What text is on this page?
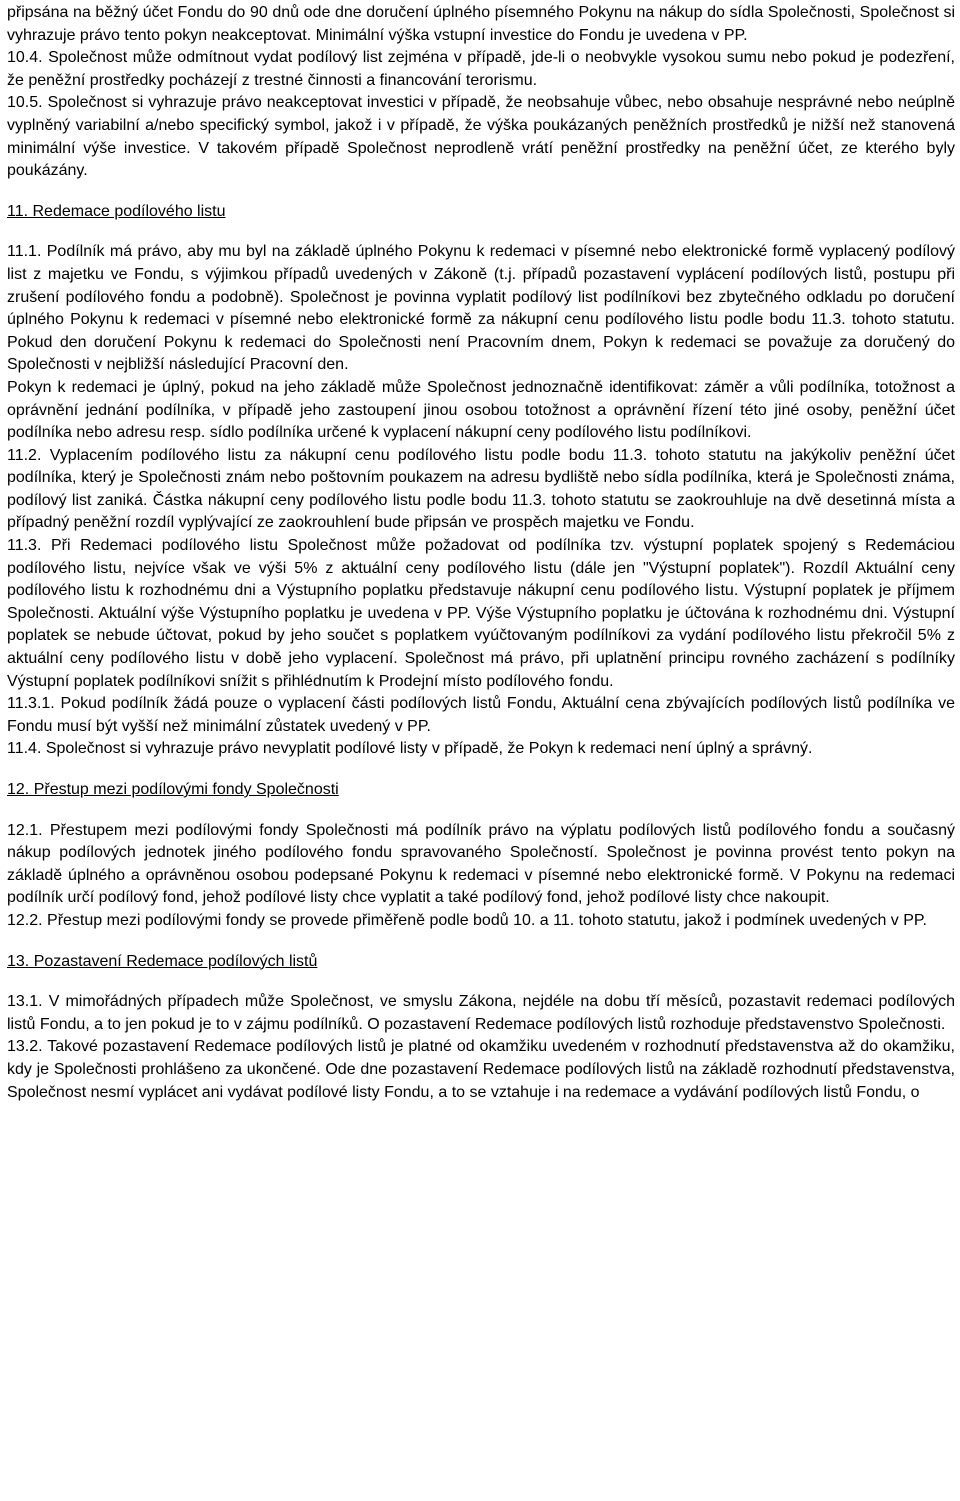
připsána na běžný účet Fondu do 90 dnů ode dne doručení úplného písemného Pokynu na nákup do sídla Společnosti, Společnost si vyhrazuje právo tento pokyn neakceptovat. Minimální výška vstupní investice do Fondu je uvedena v PP.

10.4. Společnost může odmítnout vydat podílový list zejména v případě, jde-li o neobvykle vysokou sumu nebo pokud je podezření, že peněžní prostředky pocházejí z trestné činnosti a financování terorismu.

10.5. Společnost si vyhrazuje právo neakceptovat investici v případě, že neobsahuje vůbec, nebo obsahuje nesprávné nebo neúplně vyplněný variabilní a/nebo specifický symbol, jakož i v případě, že výška poukázaných peněžních prostředků je nižší než stanovená minimální výše investice. V takovém případě Společnost neprodleně vrátí peněžní prostředky na peněžní účet, ze kterého byly poukázány.

11. Redemace podílového listu

11.1. Podílník má právo, aby mu byl na základě úplného Pokynu k redemaci v písemné nebo elektronické formě vyplacený podílový list z majetku ve Fondu, s výjimkou případů uvedených v Zákoně (t.j. případů pozastavení vyplácení podílových listů, postupu při zrušení podílového fondu a podobně). Společnost je povinna vyplatit podílový list podílníkovi bez zbytečného odkladu po doručení úplného Pokynu k redemaci v písemné nebo elektronické formě za nákupní cenu podílového listu podle bodu 11.3. tohoto statutu. Pokud den doručení Pokynu k redemaci do Společnosti není Pracovním dnem, Pokyn k redemaci se považuje za doručený do Společnosti v nejbližší následující Pracovní den.

Pokyn k redemaci je úplný, pokud na jeho základě může Společnost jednoznačně identifikovat: záměr a vůli podílníka, totožnost a oprávnění jednání podílníka, v případě jeho zastoupení jinou osobou totožnost a oprávnění řízení této jiné osoby, peněžní účet podílníka nebo adresu resp. sídlo podílníka určené k vyplacení nákupní ceny podílového listu podílníkovi.

11.2. Vyplacením podílového listu za nákupní cenu podílového listu podle bodu 11.3. tohoto statutu na jakýkoliv peněžní účet podílníka, který je Společnosti znám nebo poštovním poukazem na adresu bydliště nebo sídla podílníka, která je Společnosti známa, podílový list zaniká. Částka nákupní ceny podílového listu podle bodu 11.3. tohoto statutu se zaokrouhluje na dvě desetinná místa a případný peněžní rozdíl vyplývající ze zaokrouhlení bude připsán ve prospěch majetku ve Fondu.

11.3. Při Redemaci podílového listu Společnost může požadovat od podílníka tzv. výstupní poplatek spojený s Redemáciou podílového listu, nejvíce však ve výši 5% z aktuální ceny podílového listu (dále jen "Výstupní poplatek"). Rozdíl Aktuální ceny podílového listu k rozhodnému dni a Výstupního poplatku představuje nákupní cenu podílového listu. Výstupní poplatek je příjmem Společnosti. Aktuální výše Výstupního poplatku je uvedena v PP. Výše Výstupního poplatku je účtována k rozhodnému dni. Výstupní poplatek se nebude účtovat, pokud by jeho součet s poplatkem vyúčtovaným podílníkovi za vydání podílového listu překročil 5% z aktuální ceny podílového listu v době jeho vyplacení. Společnost má právo, při uplatnění principu rovného zacházení s podílníky Výstupní poplatek podílníkovi snížit s přihlédnutím k Prodejní místo podílového fondu.

11.3.1. Pokud podílník žádá pouze o vyplacení části podílových listů Fondu, Aktuální cena zbývajících podílových listů podílníka ve Fondu musí být vyšší než minimální zůstatek uvedený v PP.

11.4. Společnost si vyhrazuje právo nevyplatit podílové listy v případě, že Pokyn k redemaci není úplný a správný.

12. Přestup mezi podílovými fondy Společnosti

12.1. Přestupem mezi podílovými fondy Společnosti má podílník právo na výplatu podílových listů podílového fondu a současný nákup podílových jednotek jiného podílového fondu spravovaného Společností. Společnost je povinna provést tento pokyn na základě úplného a oprávněnou osobou podepsané Pokynu k redemaci v písemné nebo elektronické formě. V Pokynu na redemaci podílník určí podílový fond, jehož podílové listy chce vyplatit a také podílový fond, jehož podílové listy chce nakoupit.

12.2. Přestup mezi podílovými fondy se provede přiměřeně podle bodů 10. a 11. tohoto statutu, jakož i podmínek uvedených v PP.

13. Pozastavení Redemace podílových listů

13.1. V mimořádných případech může Společnost, ve smyslu Zákona, nejdéle na dobu tří měsíců, pozastavit redemaci podílových listů Fondu, a to jen pokud je to v zájmu podílníků. O pozastavení Redemace podílových listů rozhoduje představenstvo Společnosti.

13.2. Takové pozastavení Redemace podílových listů je platné od okamžiku uvedeném v rozhodnutí představenstva až do okamžiku, kdy je Společnosti prohlášeno za ukončené. Ode dne pozastavení Redemace podílových listů na základě rozhodnutí představenstva, Společnost nesmí vyplácet ani vydávat podílové listy Fondu, a to se vztahuje i na redemace a vydávání podílových listů Fondu, o
